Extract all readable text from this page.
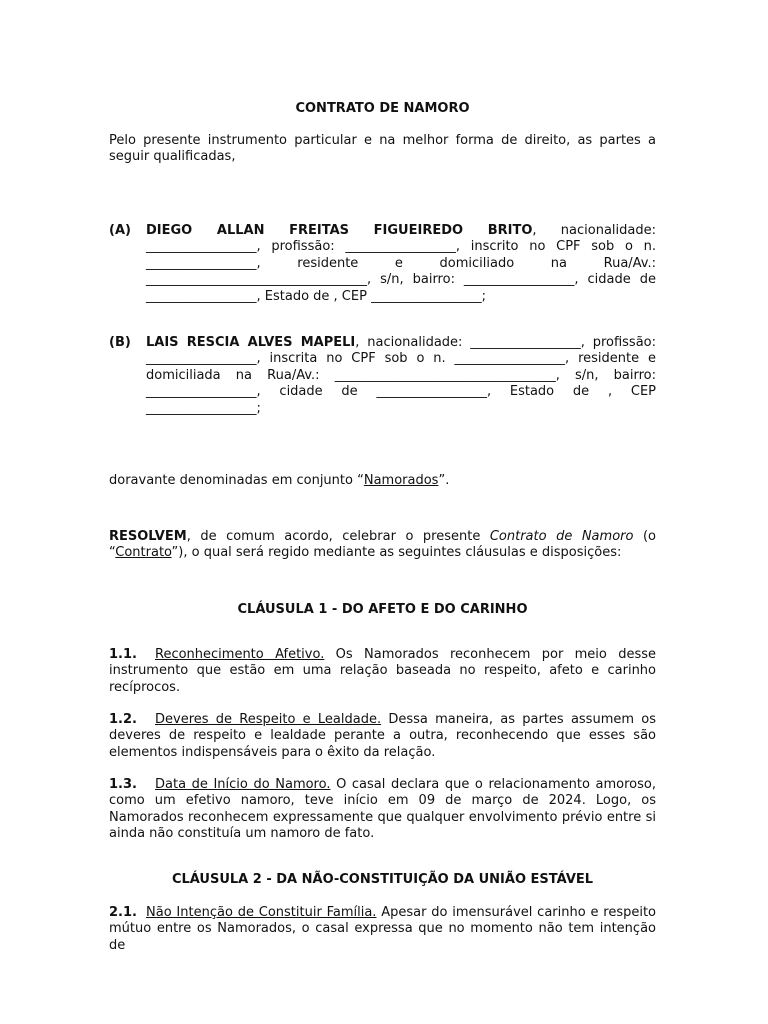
CONTRATO DE NAMORO
Pelo presente instrumento particular e na melhor forma de direito, as partes a seguir qualificadas,
(A) DIEGO ALLAN FREITAS FIGUEIREDO BRITO, nacionalidade:
_________________, profissão: _________________, inscrito no CPF sob o n.
_________________, residente e domiciliado na Rua/Av.:
__________________________________, s/n, bairro: _________________, cidade de
_________________, Estado de , CEP _________________;
(B) LAIS RESCIA ALVES MAPELI, nacionalidade: _________________, profissão:
_________________, inscrita no CPF sob o n. _________________, residente e
domiciliada na Rua/Av.: __________________________________, s/n, bairro:
_________________, cidade de _________________, Estado de , CEP
_________________;
doravante denominadas em conjunto “Namorados”.
RESOLVEM, de comum acordo, celebrar o presente Contrato de Namoro (o “Contrato”), o qual será regido mediante as seguintes cláusulas e disposições:
CLÁUSULA 1 - DO AFETO E DO CARINHO
1.1. Reconhecimento Afetivo. Os Namorados reconhecem por meio desse instrumento que estão em uma relação baseada no respeito, afeto e carinho recíprocos.
1.2. Deveres de Respeito e Lealdade. Dessa maneira, as partes assumem os deveres de respeito e lealdade perante a outra, reconhecendo que esses são elementos indispensáveis para o êxito da relação.
1.3. Data de Início do Namoro. O casal declara que o relacionamento amoroso, como um efetivo namoro, teve início em 09 de março de 2024. Logo, os Namorados reconhecem expressamente que qualquer envolvimento prévio entre si ainda não constituía um namoro de fato.
CLÁUSULA 2 - DA NÃO-CONSTITUIÇÃO DA UNIÃO ESTÁVEL
2.1. Não Intenção de Constituir Família. Apesar do imensurável carinho e respeito mútuo entre os Namorados, o casal expressa que no momento não tem intenção de
